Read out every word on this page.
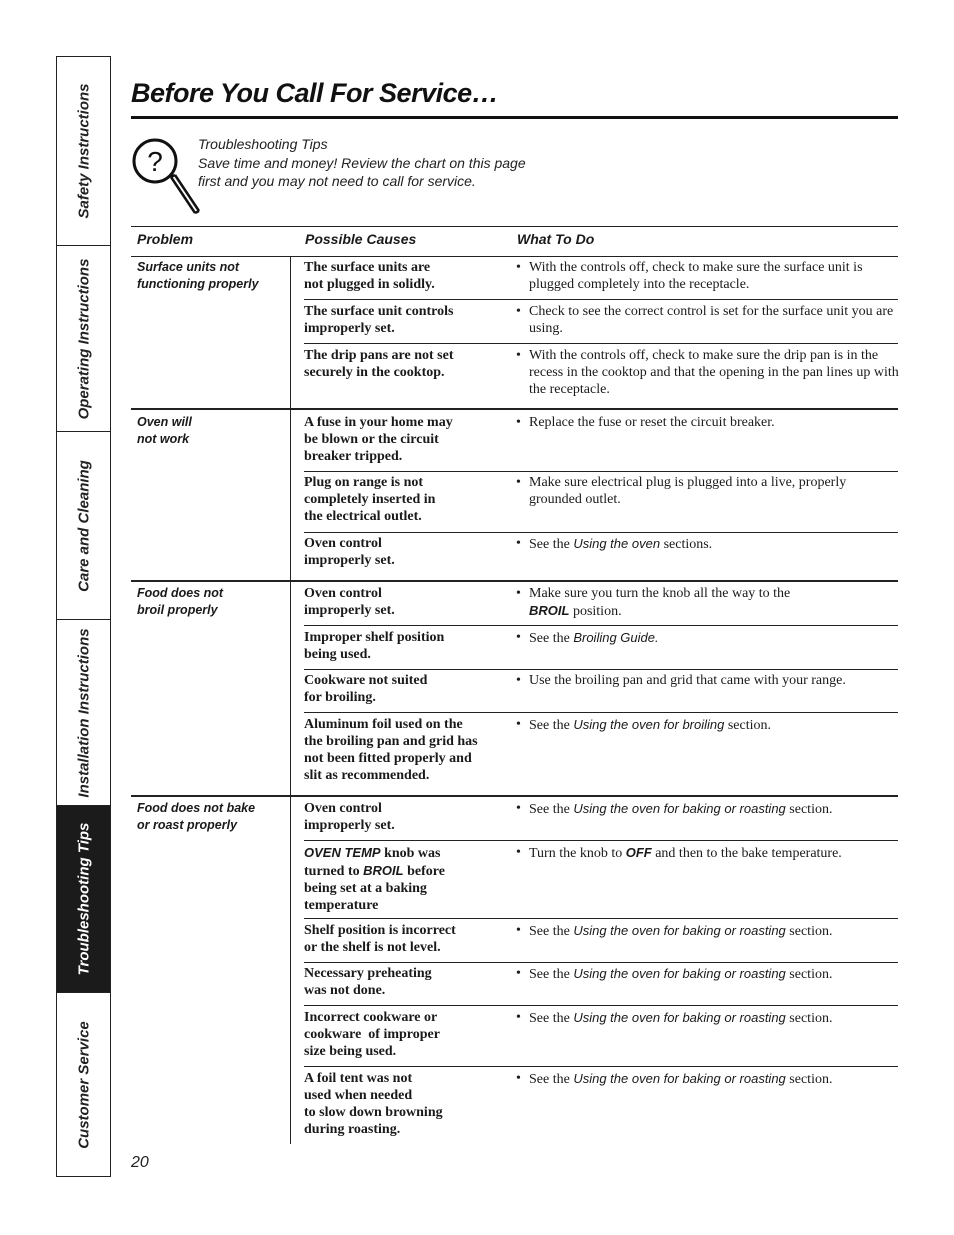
Safety Instructions
Operating Instructions
Care and Cleaning
Installation Instructions
Troubleshooting Tips
Customer Service
Before You Call For Service…
?
Troubleshooting Tips
Save time and money! Review the chart on this page
first and you may not need to call for service.
Problem	Possible Causes	What To Do
Surface units not
functioning properly
The surface units are
not plugged in solidly.
• With the controls off, check to make sure the surface unit is plugged completely into the receptacle.
The surface unit controls
improperly set.
• Check to see the correct control is set for the surface unit you are using.
The drip pans are not set
securely in the cooktop.
• With the controls off, check to make sure the drip pan is in the recess in the cooktop and that the opening in the pan lines up with the receptacle.
Oven will
not work
A fuse in your home may
be blown or the circuit
breaker tripped.
• Replace the fuse or reset the circuit breaker.
Plug on range is not
completely inserted in
the electrical outlet.
• Make sure electrical plug is plugged into a live, properly grounded outlet.
Oven control
improperly set.
• See the Using the oven sections.
Food does not
broil properly
Oven control
improperly set.
• Make sure you turn the knob all the way to the
BROIL position.
Improper shelf position
being used.
• See the Broiling Guide.
Cookware not suited
for broiling.
• Use the broiling pan and grid that came with your range.
Aluminum foil used on the
the broiling pan and grid has
not been fitted properly and
slit as recommended.
• See the Using the oven for broiling section.
Food does not bake
or roast properly
Oven control
improperly set.
• See the Using the oven for baking or roasting section.
OVEN TEMP knob was
turned to BROIL before
being set at a baking
temperature
• Turn the knob to OFF and then to the bake temperature.
Shelf position is incorrect
or the shelf is not level.
• See the Using the oven for baking or roasting section.
Necessary preheating
was not done.
• See the Using the oven for baking or roasting section.
Incorrect cookware or
cookware  of improper
size being used.
• See the Using the oven for baking or roasting section.
A foil tent was not
used when needed
to slow down browning
during roasting.
• See the Using the oven for baking or roasting section.
20
